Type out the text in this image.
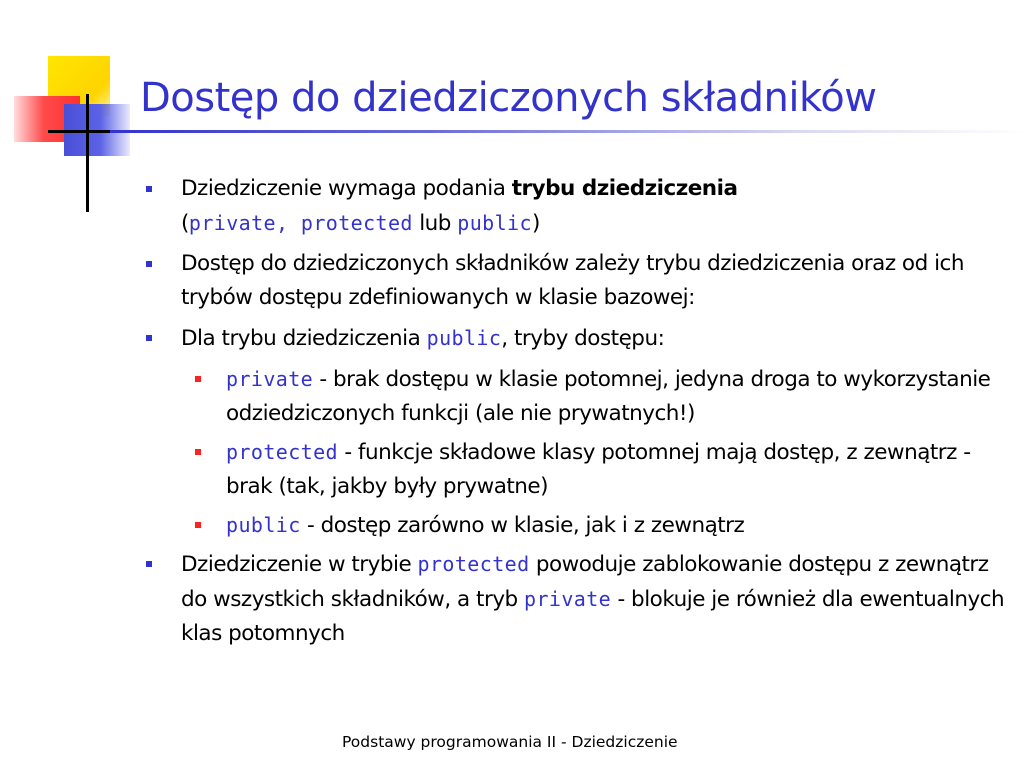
Dostęp do dziedziczonych składników
Dziedziczenie wymaga podania trybu dziedziczenia
(private, protected lub public)
Dostęp do dziedziczonych składników zależy trybu dziedziczenia oraz od ich trybów dostępu zdefiniowanych w klasie bazowej:
Dla trybu dziedziczenia public, tryby dostępu:
private - brak dostępu w klasie potomnej, jedyna droga to wykorzystanie odziedziczonych funkcji (ale nie prywatnych!)
protected - funkcje składowe klasy potomnej mają dostęp, z zewnątrz - brak (tak, jakby były prywatne)
public - dostęp zarówno w klasie, jak i z zewnątrz
Dziedziczenie w trybie protected powoduje zablokowanie dostępu z zewnątrz do wszystkich składników, a tryb private - blokuje je również dla ewentualnych klas potomnych
Podstawy programowania II - Dziedziczenie
